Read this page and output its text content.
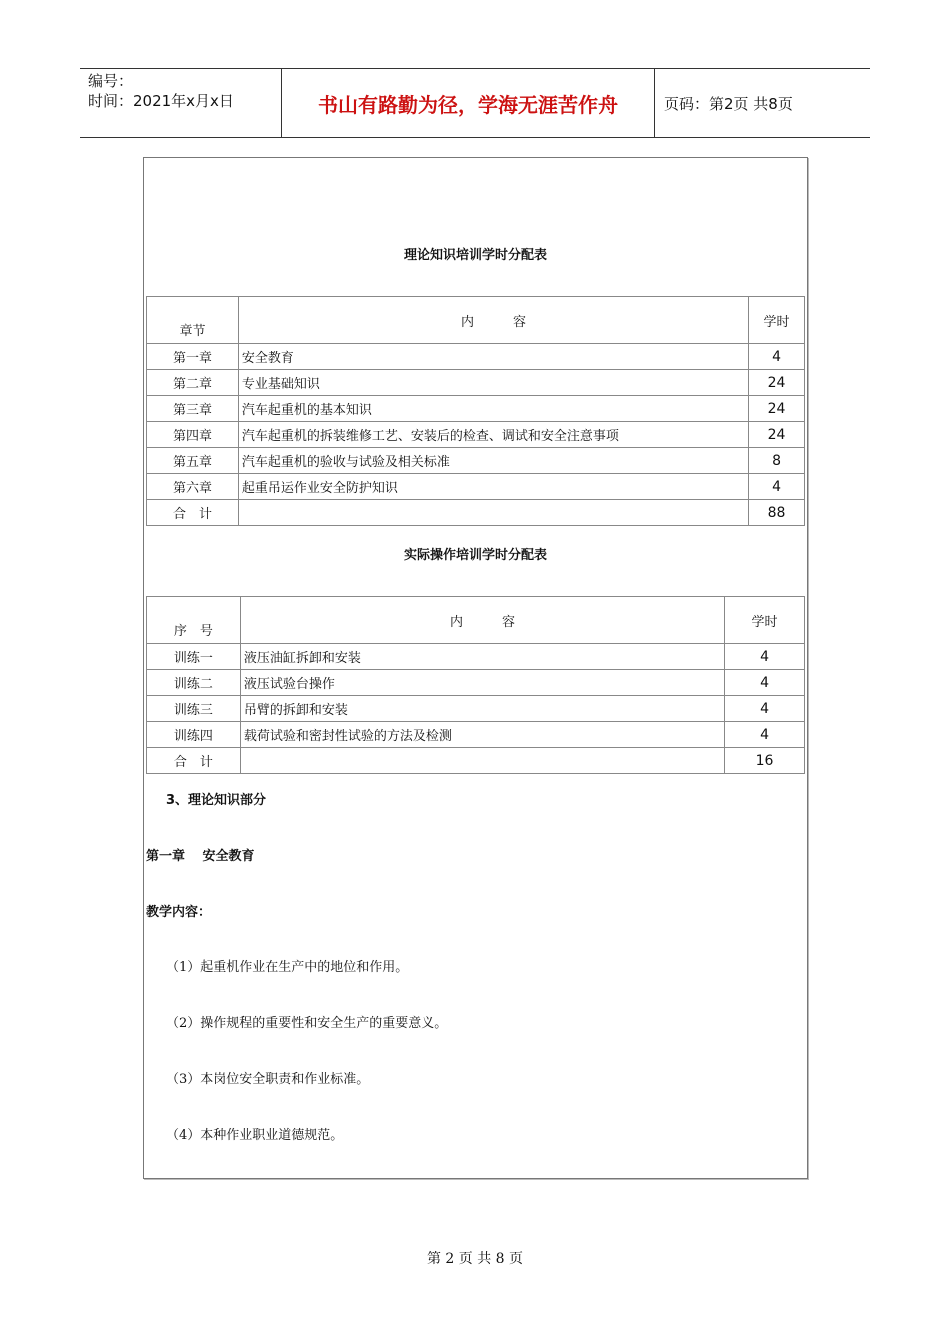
编号：
时间：2021年x月x日	书山有路勤为径，学海无涯苦作舟	页码：第2页 共8页
理论知识培训学时分配表
章节	内　　　容	学时
第一章	安全教育	4
第二章	专业基础知识	24
第三章	汽车起重机的基本知识	24
第四章	汽车起重机的拆装维修工艺、安装后的检查、调试和安全注意事项	24
第五章	汽车起重机的验收与试验及相关标准	8
第六章	起重吊运作业安全防护知识	4
合　计		88
实际操作培训学时分配表
序　号	内　　　容	学时
训练一	液压油缸拆卸和安装	4
训练二	液压试验台操作	4
训练三	吊臂的拆卸和安装	4
训练四	载荷试验和密封性试验的方法及检测	4
合　计		16
3、理论知识部分
第一章　 安全教育
教学内容：
（1）起重机作业在生产中的地位和作用。
（2）操作规程的重要性和安全生产的重要意义。
（3）本岗位安全职责和作业标准。
（4）本种作业职业道德规范。
第 2 页 共 8 页
